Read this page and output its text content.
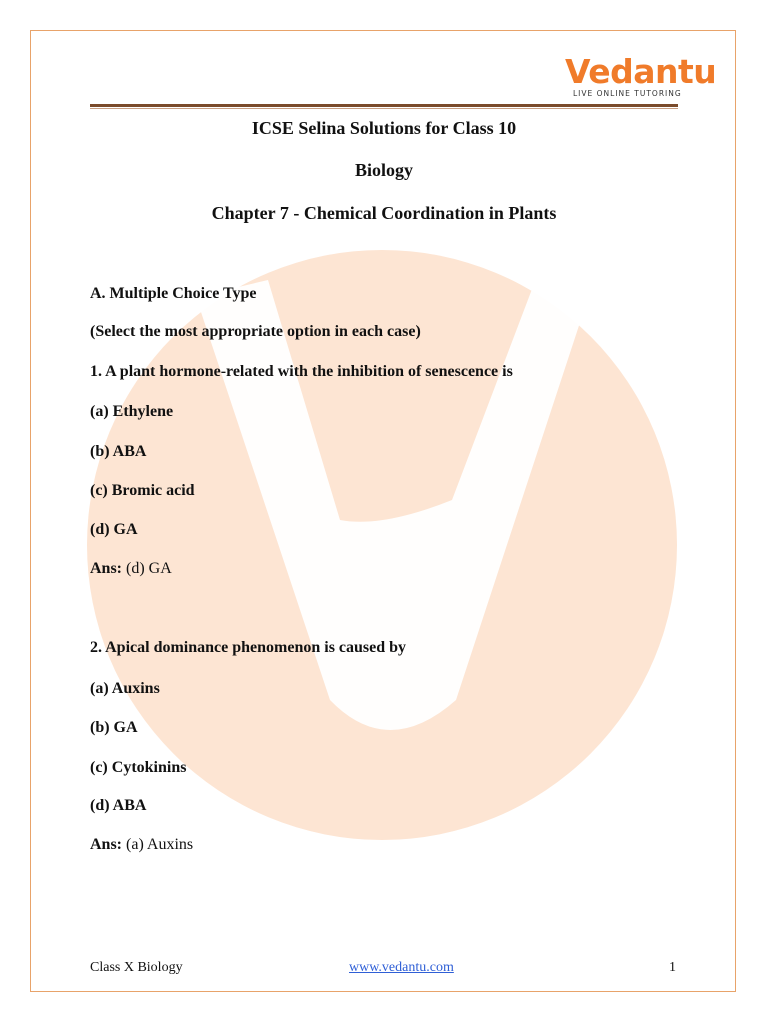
Vedantu
LIVE ONLINE TUTORING
ICSE Selina Solutions for Class 10
Biology
Chapter 7 - Chemical Coordination in Plants
A. Multiple Choice Type
(Select the most appropriate option in each case)
1. A plant hormone-related with the inhibition of senescence is
(a) Ethylene
(b) ABA
(c) Bromic acid
(d) GA
Ans: (d) GA
2. Apical dominance phenomenon is caused by
(a) Auxins
(b) GA
(c) Cytokinins
(d) ABA
Ans: (a) Auxins
Class X Biology	www.vedantu.com	1
